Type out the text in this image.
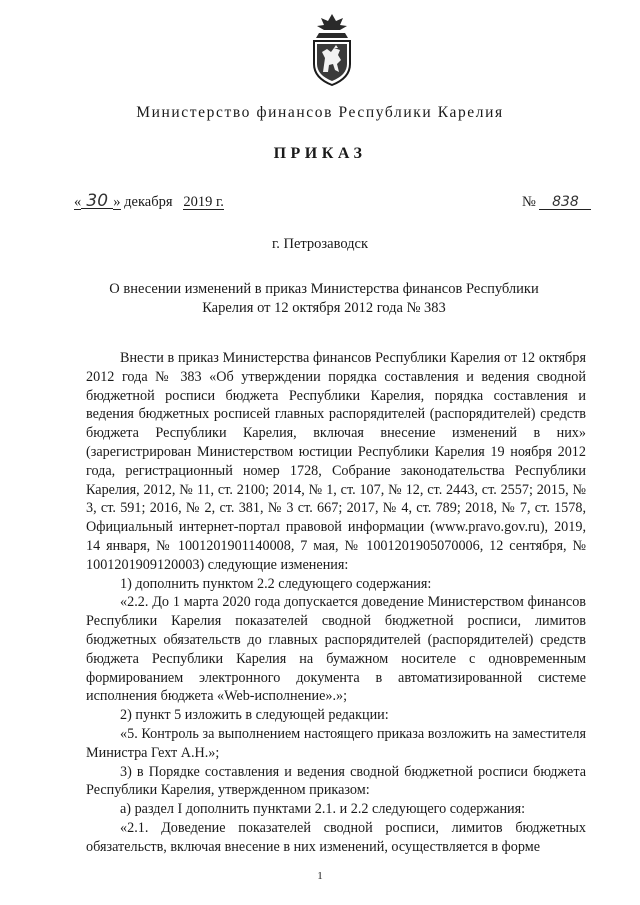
Министерство финансов Республики Карелия
ПРИКАЗ
« 30 » декабря 2019 г.	№ 838
г. Петрозаводск
О внесении изменений в приказ Министерства финансов Республики
Карелия от 12 октября 2012 года № 383

Внести в приказ Министерства финансов Республики Карелия от 12 октября 2012 года № 383 «Об утверждении порядка составления и ведения сводной бюджетной росписи бюджета Республики Карелия, порядка составления и ведения бюджетных росписей главных распорядителей (распорядителей) средств бюджета Республики Карелия, включая внесение изменений в них» (зарегистрирован Министерством юстиции Республики Карелия 19 ноября 2012 года, регистрационный номер 1728, Собрание законодательства Республики Карелия, 2012, № 11, ст. 2100; 2014, № 1, ст. 107, № 12, ст. 2443, ст. 2557; 2015, № 3, ст. 591; 2016, № 2, ст. 381, № 3 ст. 667; 2017, № 4, ст. 789; 2018, № 7, ст. 1578, Официальный интернет-портал правовой информации (www.pravo.gov.ru), 2019, 14 января, № 1001201901140008, 7 мая, № 1001201905070006, 12 сентября, № 1001201909120003) следующие изменения:

1) дополнить пунктом 2.2 следующего содержания:

«2.2. До 1 марта 2020 года допускается доведение Министерством финансов Республики Карелия показателей сводной бюджетной росписи, лимитов бюджетных обязательств до главных распорядителей (распорядителей) средств бюджета Республики Карелия на бумажном носителе с одновременным формированием электронного документа в автоматизированной системе исполнения бюджета «Web-исполнение».»;

2) пункт 5 изложить в следующей редакции:

«5. Контроль за выполнением настоящего приказа возложить на заместителя Министра Гехт А.Н.»;

3) в Порядке составления и ведения сводной бюджетной росписи бюджета Республики Карелия, утвержденном приказом:

а) раздел I дополнить пунктами 2.1. и 2.2 следующего содержания:

«2.1. Доведение показателей сводной росписи, лимитов бюджетных обязательств, включая внесение в них изменений, осуществляется в форме

1
